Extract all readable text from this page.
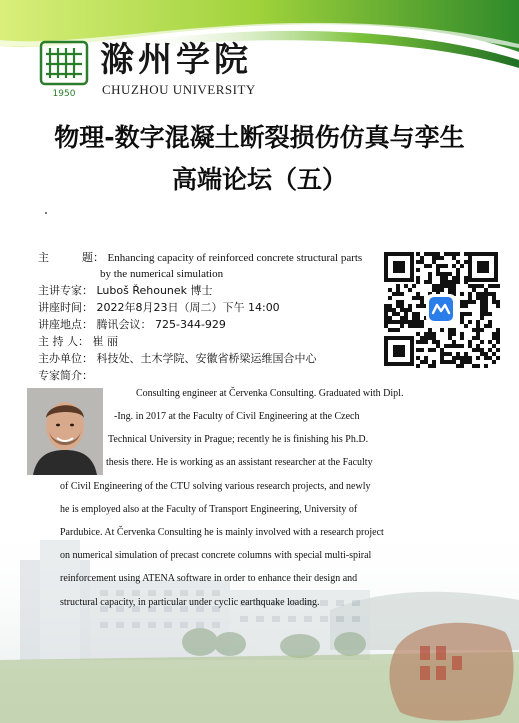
1950
滁州学院
CHUZHOU UNIVERSITY
物理-数字混凝土断裂损伤仿真与孪生
高端论坛（五）
主　　　题： Enhancing capacity of reinforced concrete structural parts
by the numerical simulation
主讲专家： Luboš Řehounek 博士
讲座时间： 2022年8月23日（周二）下午 14:00
讲座地点： 腾讯会议： 725-344-929
主 持 人： 崔 丽
主办单位： 科技处、土木学院、安徽省桥梁运维国合中心
专家简介：
Consulting engineer at Červenka Consulting. Graduated with Dipl.
-Ing. in 2017 at the Faculty of Civil Engineering at the Czech
Technical University in Prague; recently he is finishing his Ph.D.
thesis there. He is working as an assistant researcher at the Faculty
of Civil Engineering of the CTU solving various research projects, and newly
he is employed also at the Faculty of Transport Engineering, University of
Pardubice. At Červenka Consulting he is mainly involved with a research project
on numerical simulation of precast concrete columns with special multi-spiral
reinforcement using ATENA software in order to enhance their design and
structural capacity, in particular under cyclic earthquake loading.
